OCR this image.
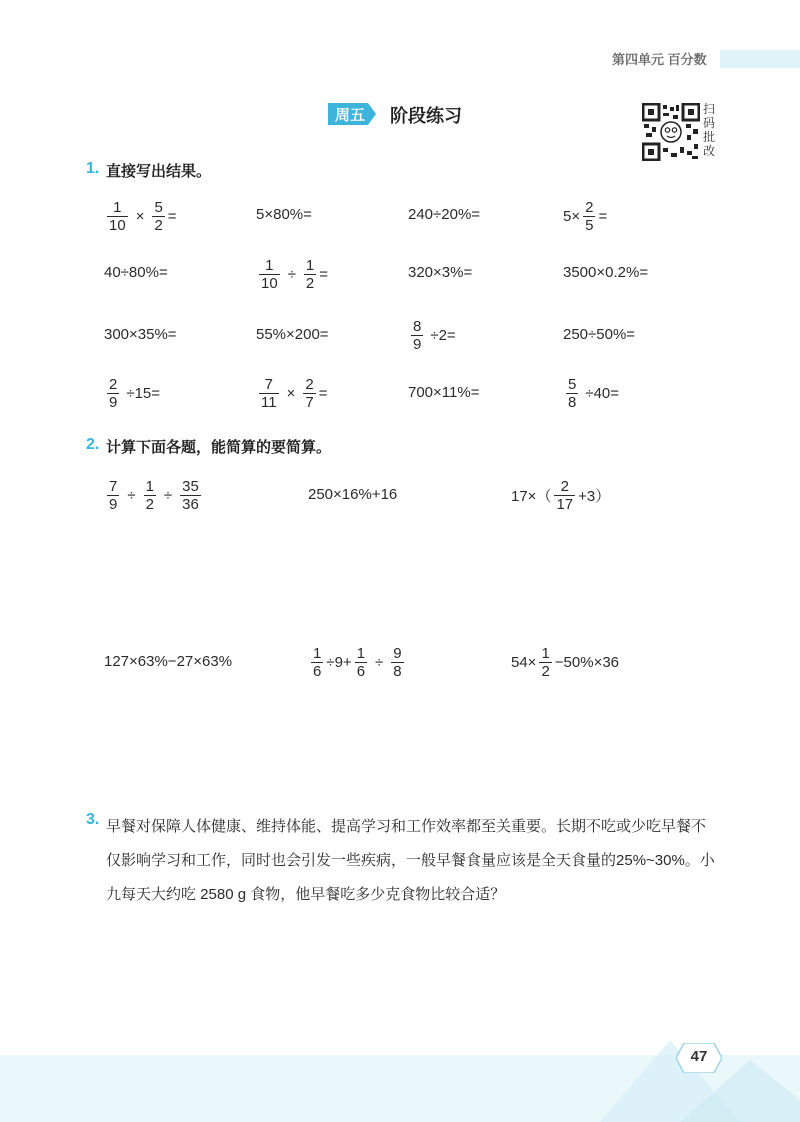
第四单元 百分数
周五 阶段练习	扫码批改
1. 直接写出结果。
$\frac{1}{10} \times \frac{5}{2}$ =	5×80%=	240÷20%=	$5\times \frac{2}{5}$ =
40÷80%=	$\frac{1}{10} \div \frac{1}{2}$ =	320×3%=	3500×0.2%=
300×35%=	55%×200=	$\frac{8}{9} \div 2=$	250÷50%=
$\frac{2}{9} \div 15=$	$\frac{7}{11} \times \frac{2}{7}$ =	700×11%=	$\frac{5}{8} \div 40=$
2. 计算下面各题，能简算的要简算。
$\frac{7}{9} \div \frac{1}{2} \div \frac{35}{36}$	250×16%+16	$17\times( \frac{2}{17} +3)$
127×63%−27×63%	$\frac{1}{6} \div 9+ \frac{1}{6} \div \frac{9}{8}$	$54\times \frac{1}{2} -50\%\times 36$
3. 早餐对保障人体健康、维持体能、提高学习和工作效率都至关重要。长期不吃或少吃早餐不仅影响学习和工作，同时也会引发一些疾病，一般早餐食量应该是全天食量的25%~30%。小九每天大约吃 2580 g 食物，他早餐吃多少克食物比较合适？
47
